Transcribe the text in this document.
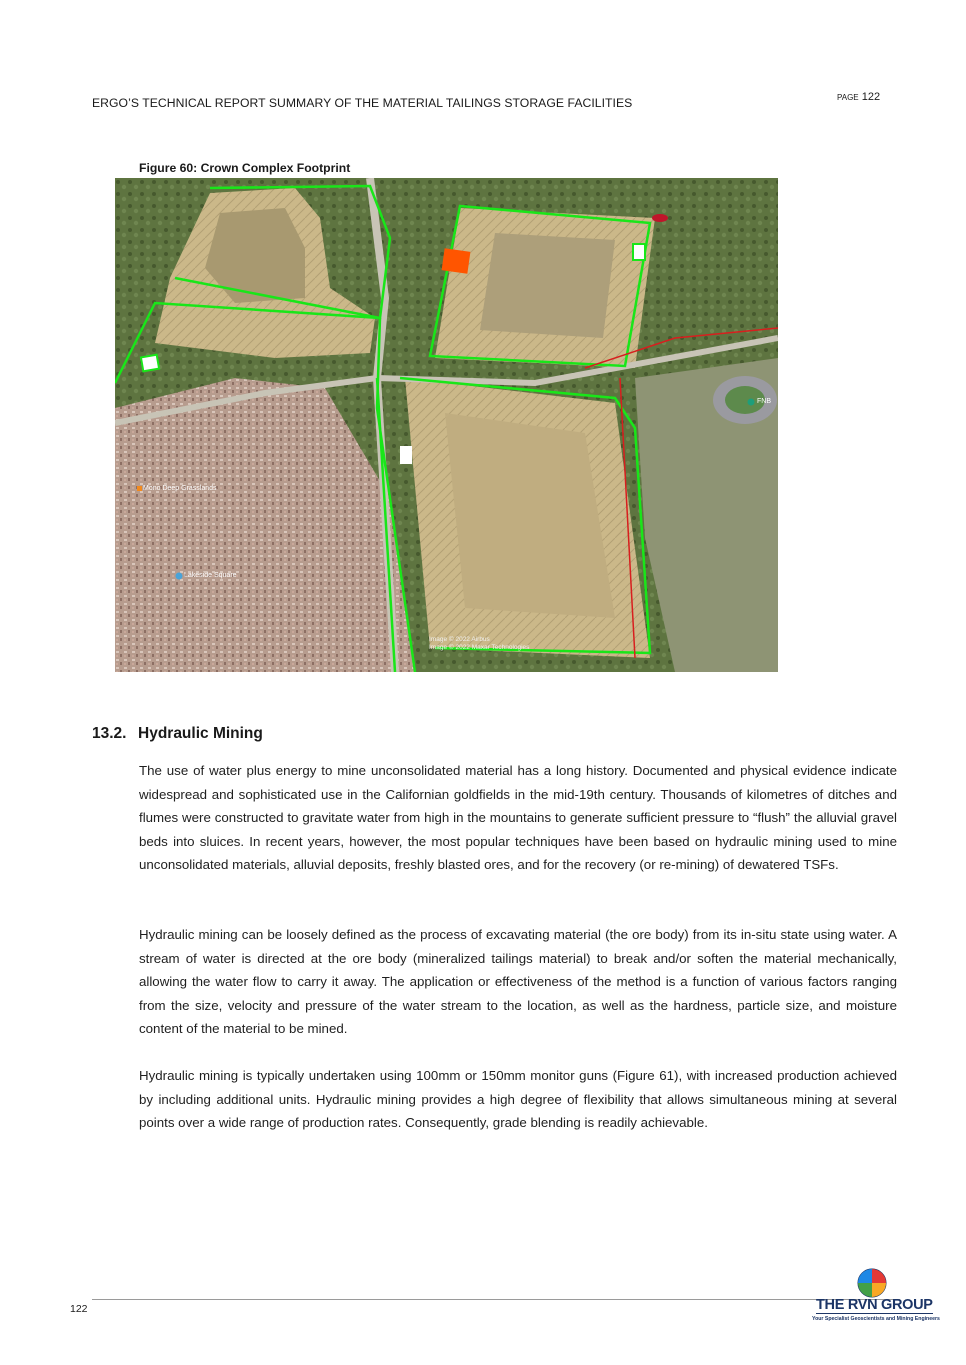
ERGO’S TECHNICAL REPORT SUMMARY OF THE MATERIAL TAILINGS STORAGE FACILITIES	PAGE 122
Figure 60: Crown Complex Footprint
Mono Deep Grasslands
Lakeside Square
FNB
Image © 2022 Airbus
Image © 2022 Maxar Technologies
13.2. Hydraulic Mining
The use of water plus energy to mine unconsolidated material has a long history. Documented and physical evidence indicate widespread and sophisticated use in the Californian goldfields in the mid-19th century. Thousands of kilometres of ditches and flumes were constructed to gravitate water from high in the mountains to generate sufficient pressure to “flush” the alluvial gravel beds into sluices. In recent years, however, the most popular techniques have been based on hydraulic mining used to mine unconsolidated materials, alluvial deposits, freshly blasted ores, and for the recovery (or re-mining) of dewatered TSFs.
Hydraulic mining can be loosely defined as the process of excavating material (the ore body) from its in-situ state using water. A stream of water is directed at the ore body (mineralized tailings material) to break and/or soften the material mechanically, allowing the water flow to carry it away. The application or effectiveness of the method is a function of various factors ranging from the size, velocity and pressure of the water stream to the location, as well as the hardness, particle size, and moisture content of the material to be mined.
Hydraulic mining is typically undertaken using 100mm or 150mm monitor guns (Figure 61), with increased production achieved by including additional units. Hydraulic mining provides a high degree of flexibility that allows simultaneous mining at several points over a wide range of production rates. Consequently, grade blending is readily achievable.
122	THE RVN GROUP
Your Specialist Geoscientists and Mining Engineers
